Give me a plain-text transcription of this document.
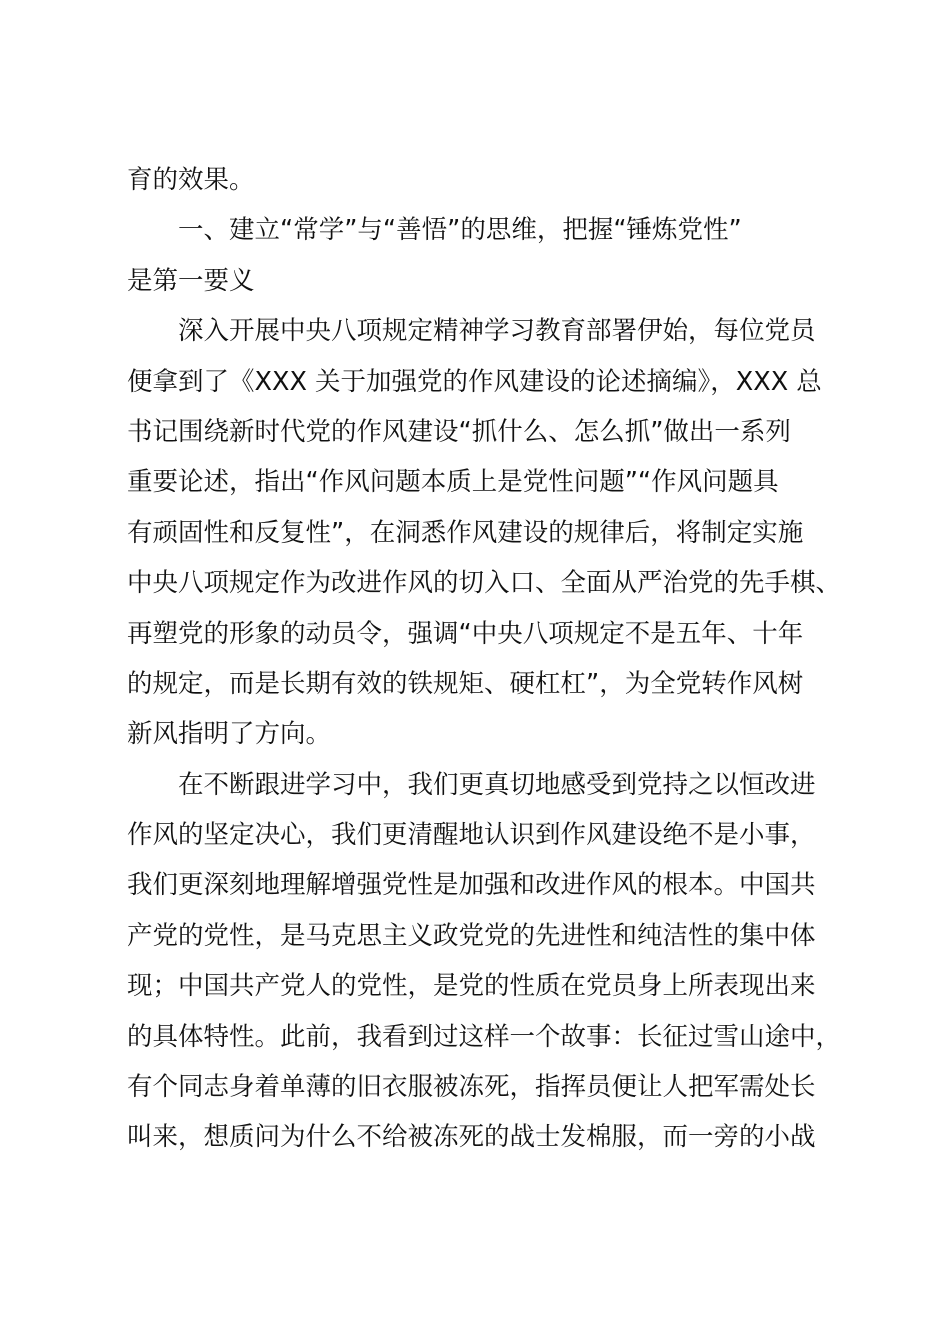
育的效果。
一、建立“常学”与“善悟”的思维，把握“锤炼党性”
是第一要义
深入开展中央八项规定精神学习教育部署伊始，每位党员
便拿到了《XXX 关于加强党的作风建设的论述摘编》，XXX 总
书记围绕新时代党的作风建设“抓什么、怎么抓”做出一系列
重要论述，指出“作风问题本质上是党性问题”“作风问题具
有顽固性和反复性”，在洞悉作风建设的规律后，将制定实施
中央八项规定作为改进作风的切入口、全面从严治党的先手棋、
再塑党的形象的动员令，强调“中央八项规定不是五年、十年
的规定，而是长期有效的铁规矩、硬杠杠”，为全党转作风树
新风指明了方向。
在不断跟进学习中，我们更真切地感受到党持之以恒改进
作风的坚定决心，我们更清醒地认识到作风建设绝不是小事，
我们更深刻地理解增强党性是加强和改进作风的根本。中国共
产党的党性，是马克思主义政党党的先进性和纯洁性的集中体
现；中国共产党人的党性，是党的性质在党员身上所表现出来
的具体特性。此前，我看到过这样一个故事：长征过雪山途中，
有个同志身着单薄的旧衣服被冻死，指挥员便让人把军需处长
叫来，想质问为什么不给被冻死的战士发棉服，而一旁的小战
